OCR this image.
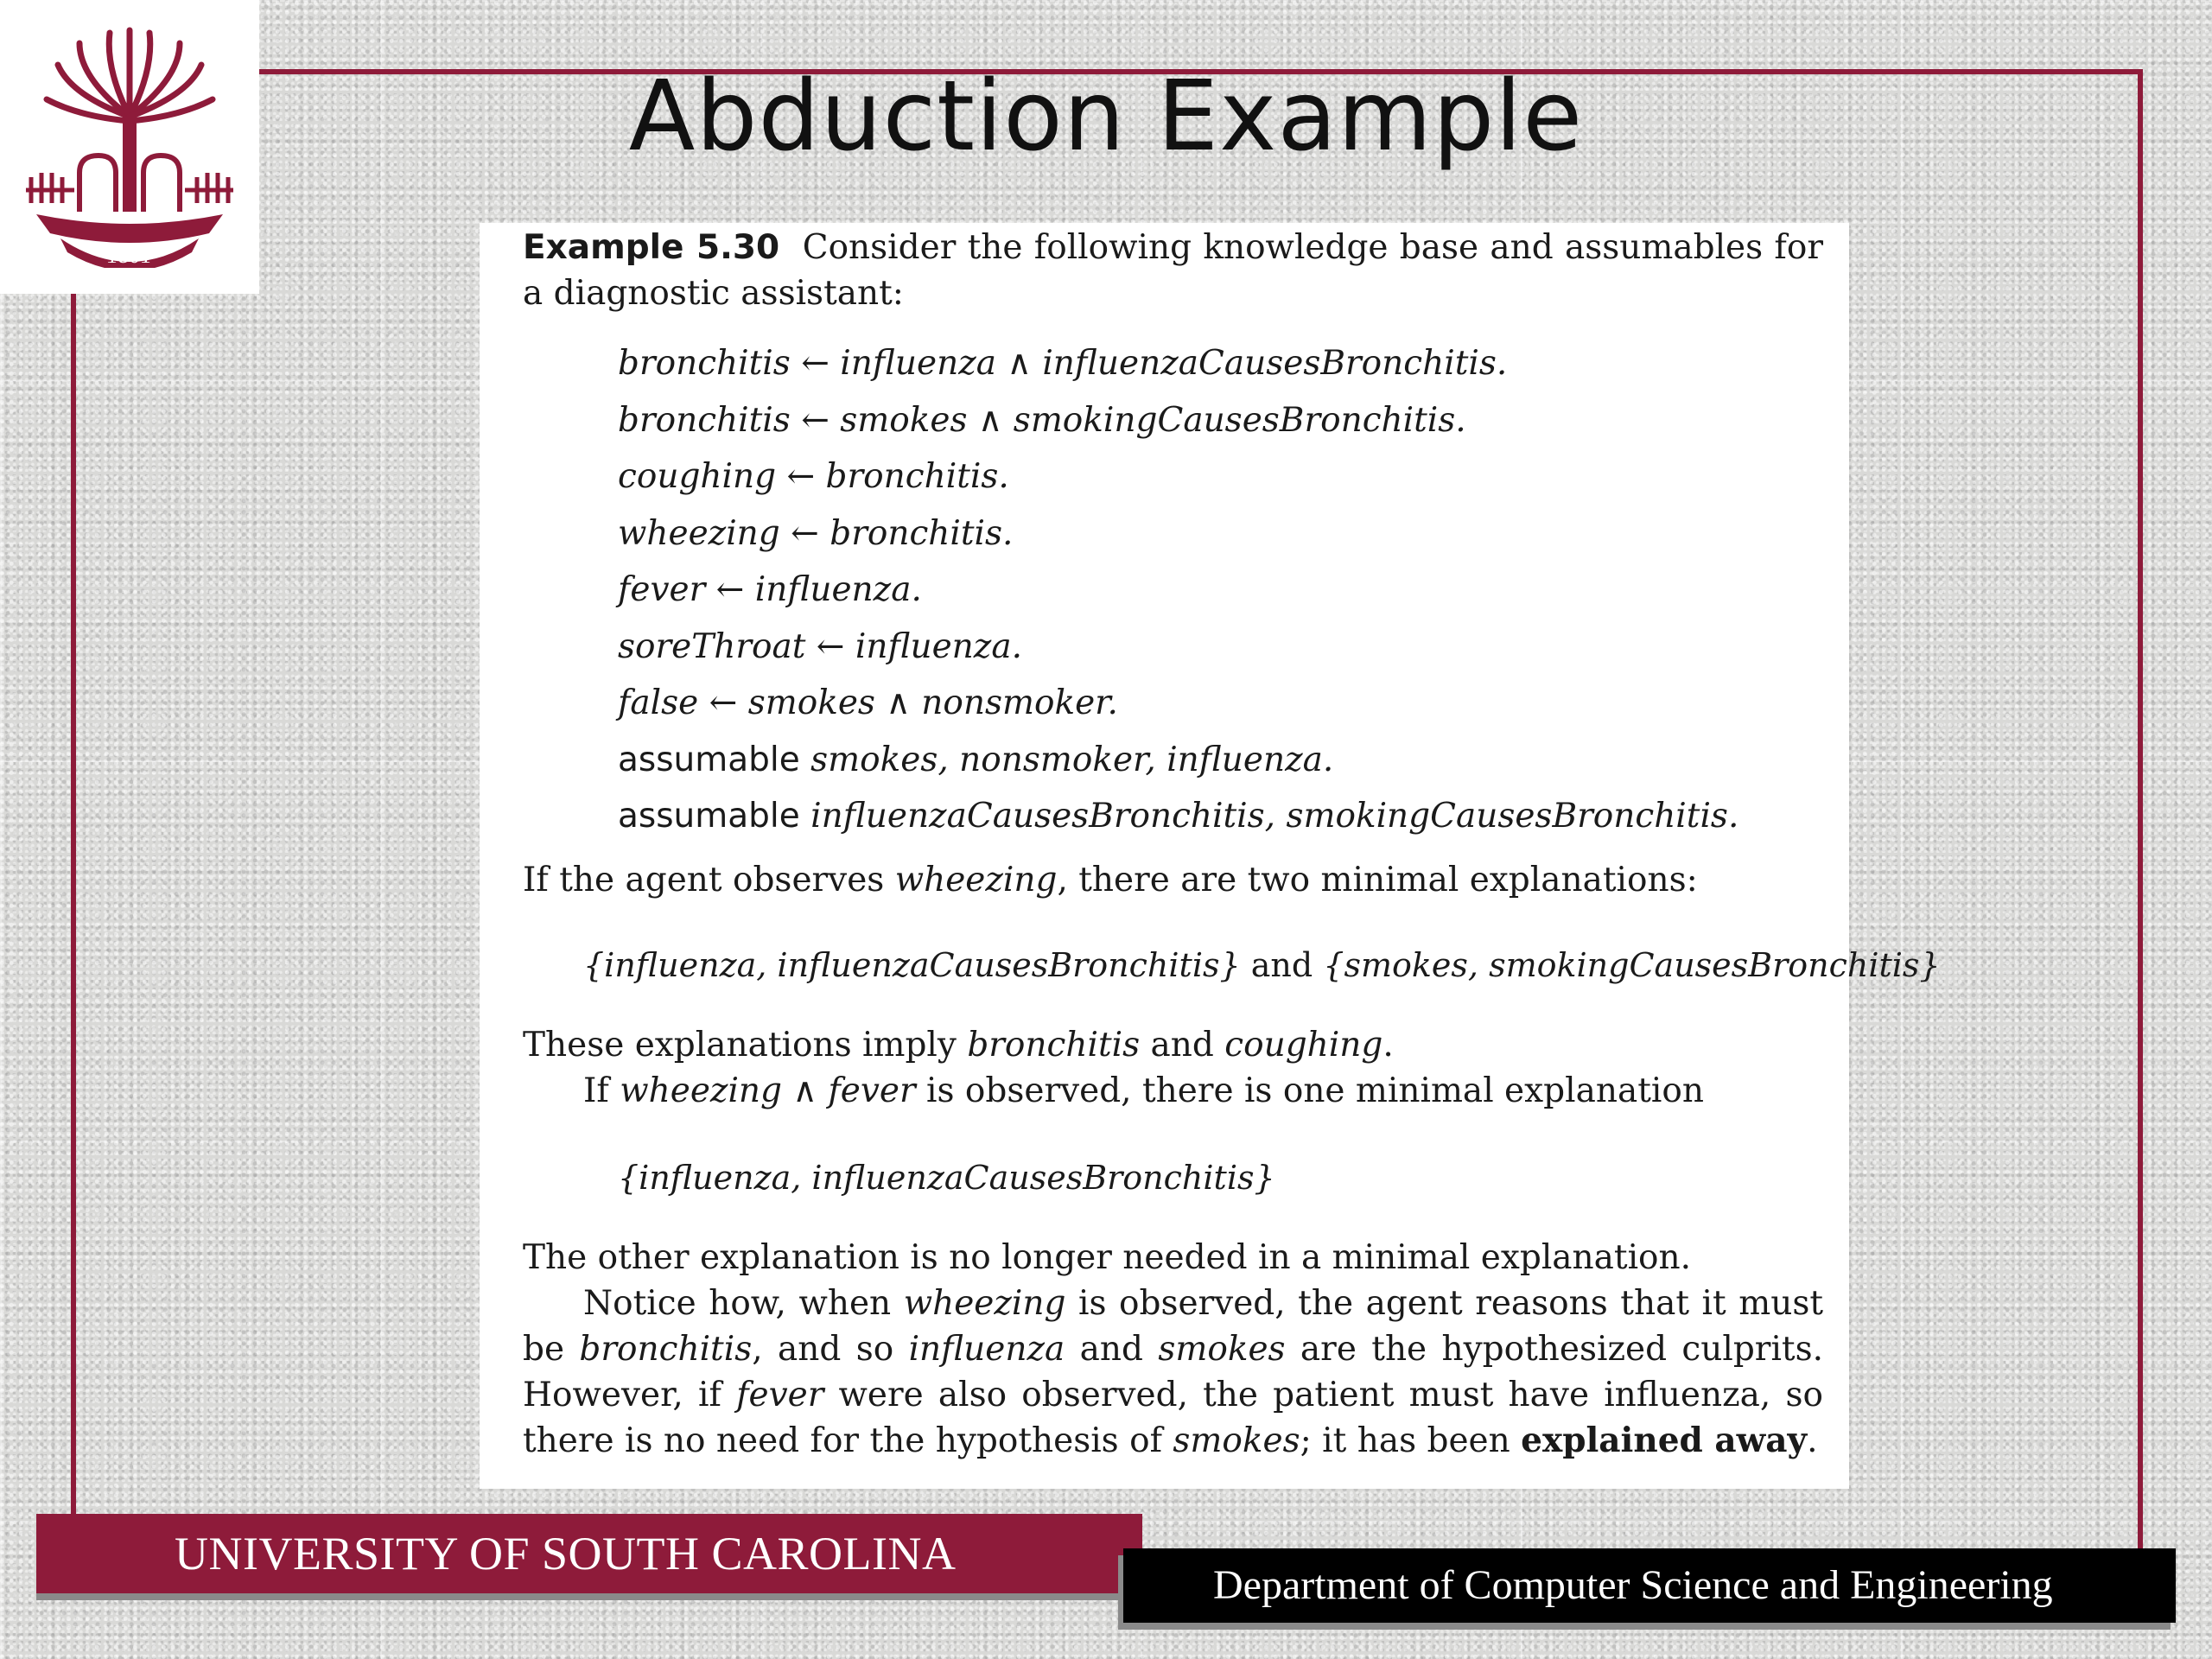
1801
Abduction Example

Example 5.30 Consider the following knowledge base and assumables for a diagnostic assistant:

bronchitis ← influenza ∧ influenzaCausesBronchitis.
bronchitis ← smokes ∧ smokingCausesBronchitis.
coughing ← bronchitis.
wheezing ← bronchitis.
fever ← influenza.
soreThroat ← influenza.
false ← smokes ∧ nonsmoker.
assumable smokes, nonsmoker, influenza.
assumable influenzaCausesBronchitis, smokingCausesBronchitis.

If the agent observes wheezing, there are two minimal explanations:

{influenza, influenzaCausesBronchitis} and {smokes, smokingCausesBronchitis}

These explanations imply bronchitis and coughing.

If wheezing ∧ fever is observed, there is one minimal explanation

{influenza, influenzaCausesBronchitis}

The other explanation is no longer needed in a minimal explanation.

Notice how, when wheezing is observed, the agent reasons that it must be bronchitis, and so influenza and smokes are the hypothesized culprits. However, if fever were also observed, the patient must have influenza, so there is no need for the hypothesis of smokes; it has been explained away.

UNIVERSITY OF SOUTH CAROLINA
Department of Computer Science and Engineering
